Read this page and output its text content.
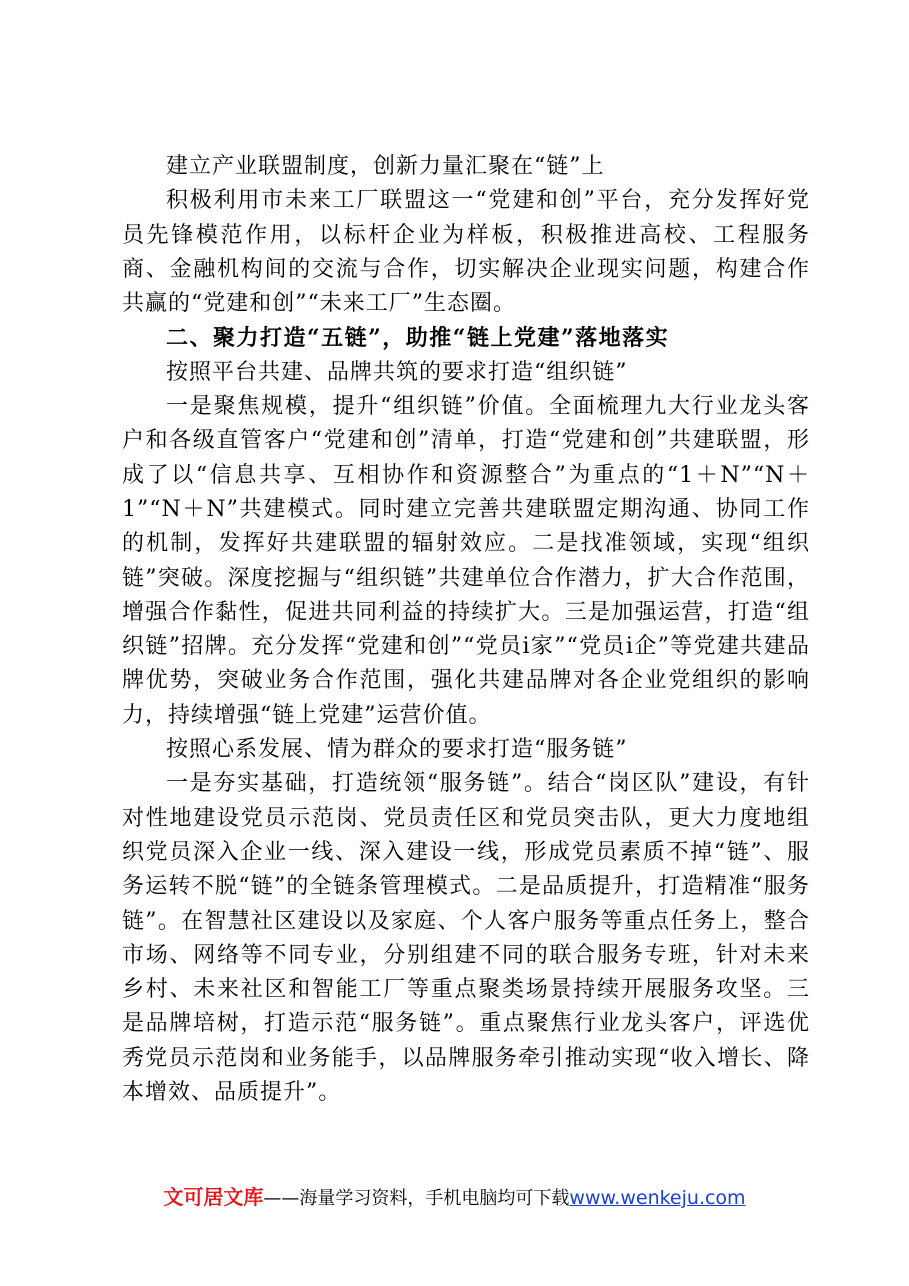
建立产业联盟制度，创新力量汇聚在“链”上

积极利用市未来工厂联盟这一“党建和创”平台，充分发挥好党员先锋模范作用，以标杆企业为样板，积极推进高校、工程服务商、金融机构间的交流与合作，切实解决企业现实问题，构建合作共赢的“党建和创”“未来工厂”生态圈。

二、聚力打造“五链”，助推“链上党建”落地落实

按照平台共建、品牌共筑的要求打造“组织链”

一是聚焦规模，提升“组织链”价值。全面梳理九大行业龙头客户和各级直管客户“党建和创”清单，打造“党建和创”共建联盟，形成了以“信息共享、互相协作和资源整合”为重点的“1＋N”“N＋1”“N＋N”共建模式。同时建立完善共建联盟定期沟通、协同工作的机制，发挥好共建联盟的辐射效应。二是找准领域，实现“组织链”突破。深度挖掘与“组织链”共建单位合作潜力，扩大合作范围，增强合作黏性，促进共同利益的持续扩大。三是加强运营，打造“组织链”招牌。充分发挥“党建和创”“党员i家”“党员i企”等党建共建品牌优势，突破业务合作范围，强化共建品牌对各企业党组织的影响力，持续增强“链上党建”运营价值。

按照心系发展、情为群众的要求打造“服务链”

一是夯实基础，打造统领“服务链”。结合“岗区队”建设，有针对性地建设党员示范岗、党员责任区和党员突击队，更大力度地组织党员深入企业一线、深入建设一线，形成党员素质不掉“链”、服务运转不脱“链”的全链条管理模式。二是品质提升，打造精准“服务链”。在智慧社区建设以及家庭、个人客户服务等重点任务上，整合市场、网络等不同专业，分别组建不同的联合服务专班，针对未来乡村、未来社区和智能工厂等重点聚类场景持续开展服务攻坚。三是品牌培树，打造示范“服务链”。重点聚焦行业龙头客户，评选优秀党员示范岗和业务能手，以品牌服务牵引推动实现“收入增长、降本增效、品质提升”。

文可居文库——海量学习资料，手机电脑均可下载www.wenkeju.com
